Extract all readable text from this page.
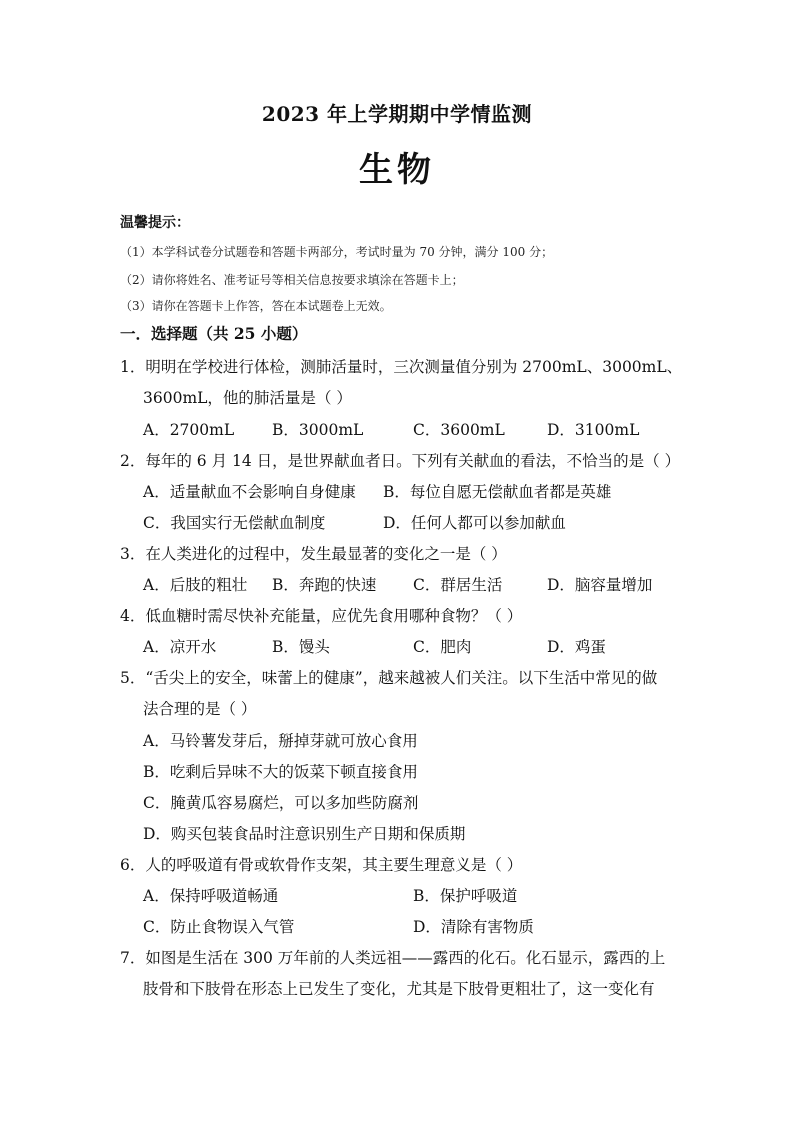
2023 年上学期期中学情监测
生物
温馨提示：
（1）本学科试卷分试题卷和答题卡两部分，考试时量为 70 分钟，满分 100 分；
（2）请你将姓名、准考证号等相关信息按要求填涂在答题卡上；
（3）请你在答题卡上作答，答在本试题卷上无效。
一．选择题（共 25 小题）
1．明明在学校进行体检，测肺活量时，三次测量值分别为 2700mL、3000mL、
3600mL，他的肺活量是（ ）
A．2700mL B．3000mL	C．3600mL	D．3100mL
2．每年的 6 月 14 日，是世界献血者日。下列有关献血的看法，不恰当的是（ ）
A．适量献血不会影响自身健康 B．每位自愿无偿献血者都是英雄
C．我国实行无偿献血制度	D．任何人都可以参加献血
3．在人类进化的过程中，发生最显著的变化之一是（ ）
A．后肢的粗壮 B．奔跑的快速 C．群居生活	D．脑容量增加
4．低血糖时需尽快补充能量，应优先食用哪种食物？（ ）
A．凉开水	B．馒头	C．肥肉	D．鸡蛋
5．“舌尖上的安全，味蕾上的健康”，越来越被人们关注。以下生活中常见的做
法合理的是（ ）
A．马铃薯发芽后，掰掉芽就可放心食用
B．吃剩后异味不大的饭菜下顿直接食用
C．腌黄瓜容易腐烂，可以多加些防腐剂
D．购买包装食品时注意识别生产日期和保质期
6．人的呼吸道有骨或软骨作支架，其主要生理意义是（ ）
A．保持呼吸道畅通	B．保护呼吸道
C．防止食物误入气管	D．清除有害物质
7．如图是生活在 300 万年前的人类远祖——露西的化石。化石显示，露西的上
肢骨和下肢骨在形态上已发生了变化，尤其是下肢骨更粗壮了，这一变化有
